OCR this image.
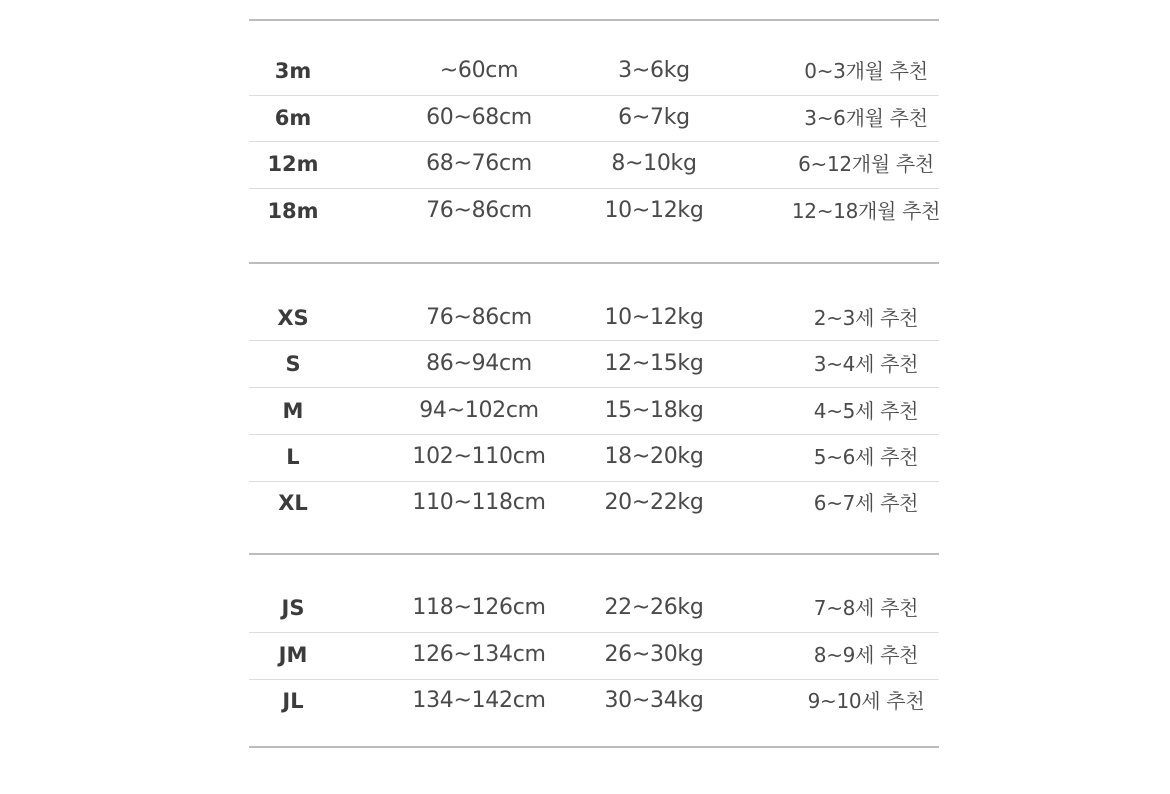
3m	~60cm	3~6kg	0~3개월 추천
6m	60~68cm	6~7kg	3~6개월 추천
12m	68~76cm	8~10kg	6~12개월 추천
18m	76~86cm	10~12kg	12~18개월 추천
XS	76~86cm	10~12kg	2~3세 추천
S	86~94cm	12~15kg	3~4세 추천
M	94~102cm	15~18kg	4~5세 추천
L	102~110cm	18~20kg	5~6세 추천
XL	110~118cm	20~22kg	6~7세 추천
JS	118~126cm	22~26kg	7~8세 추천
JM	126~134cm	26~30kg	8~9세 추천
JL	134~142cm	30~34kg	9~10세 추천
